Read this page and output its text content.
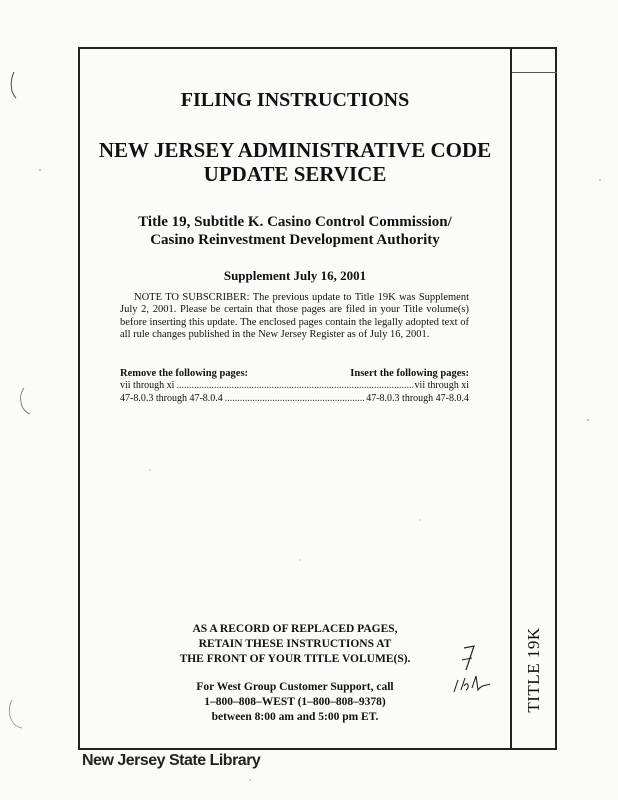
TITLE 19K
FILING INSTRUCTIONS
NEW JERSEY ADMINISTRATIVE CODE
UPDATE SERVICE
Title 19, Subtitle K. Casino Control Commission/
Casino Reinvestment Development Authority
Supplement July 16, 2001

NOTE TO SUBSCRIBER: The previous update to Title 19K was Supplement July 2, 2001. Please be certain that those pages are filed in your Title volume(s) before inserting this update. The enclosed pages contain the legally adopted text of all rule changes published in the New Jersey Register as of July 16, 2001.

Remove the following pages:	Insert the following pages:
vii through xi .....	vii through xi
47-8.0.3 through 47-8.0.4 .....	47-8.0.3 through 47-8.0.4
AS A RECORD OF REPLACED PAGES,
RETAIN THESE INSTRUCTIONS AT
THE FRONT OF YOUR TITLE VOLUME(S).
For West Group Customer Support, call
1–800–808–WEST (1–800–808–9378)
between 8:00 am and 5:00 pm ET.
New Jersey State Library
